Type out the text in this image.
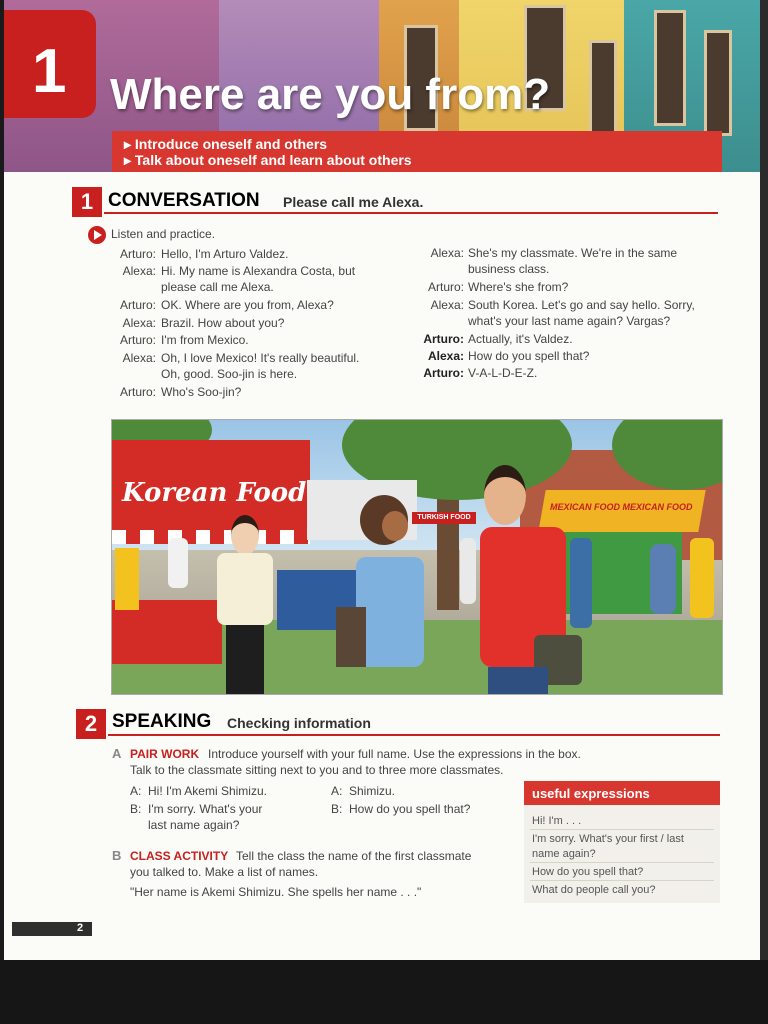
1 Where are you from?
▸ Introduce oneself and others
▸ Talk about oneself and learn about others
1 CONVERSATION Please call me Alexa.
Listen and practice.
Arturo: Hello, I'm Arturo Valdez.
Alexa: Hi. My name is Alexandra Costa, but
please call me Alexa.
Arturo: OK. Where are you from, Alexa?
Alexa: Brazil. How about you?
Arturo: I'm from Mexico.
Alexa: Oh, I love Mexico! It's really beautiful.
Oh, good. Soo-jin is here.
Arturo: Who's Soo-jin?
Alexa: She's my classmate. We're in the same
business class.
Arturo: Where's she from?
Alexa: South Korea. Let's go and say hello. Sorry,
what's your last name again? Vargas?
Arturo: Actually, it's Valdez.
Alexa: How do you spell that?
Arturo: V-A-L-D-E-Z.
Korean Food
TURKISH FOOD
MEXICAN FOOD MEXICAN FOOD
2 SPEAKING Checking information
A PAIR WORK Introduce yourself with your full name. Use the expressions in the box.
Talk to the classmate sitting next to you and to three more classmates.
A: Hi! I'm Akemi Shimizu.
B: I'm sorry. What's your
last name again?
A: Shimizu.
B: How do you spell that?
B CLASS ACTIVITY Tell the class the name of the first classmate
you talked to. Make a list of names.
"Her name is Akemi Shimizu. She spells her name . . ."
useful expressions
Hi! I'm . . .
I'm sorry. What's your first / last
name again?
How do you spell that?
What do people call you?
2
